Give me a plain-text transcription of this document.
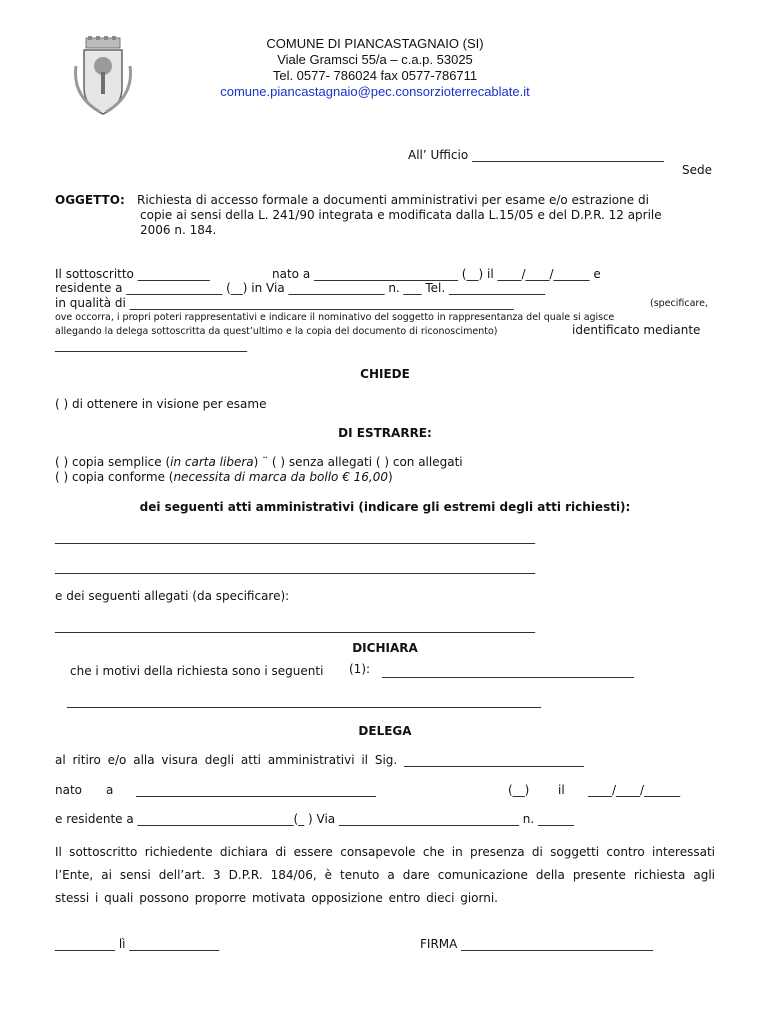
COMUNE DI PIANCASTAGNAIO (SI)
Viale Gramsci 55/a – c.a.p. 53025
Tel. 0577- 786024 fax 0577-786711
comune.piancastagnaio@pec.consorzioterrecablate.it
All’ Ufficio ________________________________
Sede
OGGETTO: Richiesta di accesso formale a documenti amministrativi per esame e/o estrazione di
copie ai sensi della L. 241/90 integrata e modificata dalla L.15/05 e del D.P.R. 12 aprile
2006 n. 184.
Il sottoscritto ____________	nato a ________________________ (__) il ____/____/______ e
residente a ________________ (__) in Via ________________ n. ___ Tel. ________________
in qualità di ________________________________________________________________	(specificare,
ove occorra, i propri poteri rappresentativi e indicare il nominativo del soggetto in rappresentanza del quale si agisce
allegando la delega sottoscritta da quest’ultimo e la copia del documento di riconoscimento)	identificato mediante
________________________________
CHIEDE
( ) di ottenere in visione per esame
DI ESTRARRE:
( ) copia semplice (in carta libera) ¨ ( ) senza allegati ( ) con allegati
( ) copia conforme (necessita di marca da bollo € 16,00)
dei seguenti atti amministrativi (indicare gli estremi degli atti richiesti):
________________________________________________________________________________
________________________________________________________________________________
e dei seguenti allegati (da specificare):
________________________________________________________________________________
DICHIARA
che i motivi della richiesta sono i seguenti (1): __________________________________________
_______________________________________________________________________________
DELEGA
al ritiro e/o alla visura degli atti amministrativi il Sig. ______________________________
nato a ________________________________________	(__) il ____/____/______
e residente a __________________________(_ ) Via ______________________________ n. ______
Il sottoscritto richiedente dichiara di essere consapevole che in presenza di soggetti contro interessati l’Ente, ai sensi dell’art. 3 D.P.R. 184/06, è tenuto a dare comunicazione della presente richiesta agli stessi i quali possono proporre motivata opposizione entro dieci giorni.
__________ lì _______________	FIRMA ________________________________
